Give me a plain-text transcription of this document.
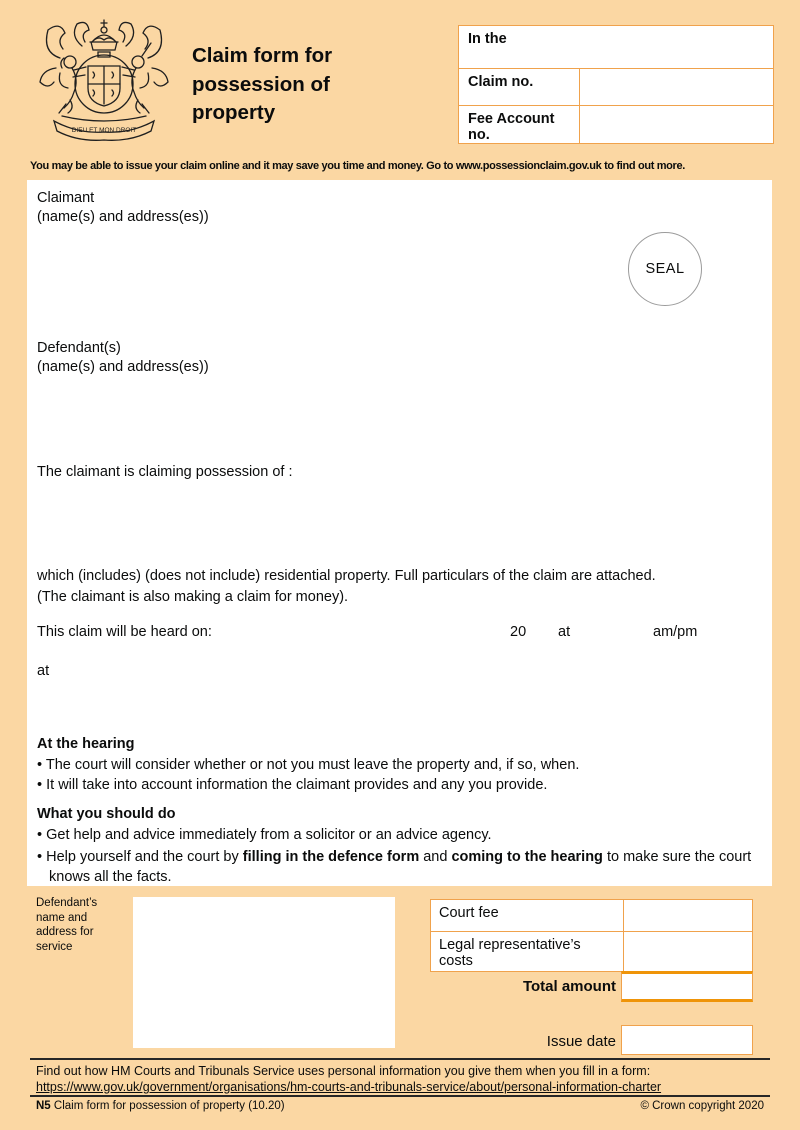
DIEU ET MON DROIT
Claim form for possession of property
In the
Claim no.
Fee Account no.
You may be able to issue your claim online and it may save you time and money. Go to www.possessionclaim.gov.uk to find out more.
Claimant
(name(s) and address(es))
SEAL
Defendant(s)
(name(s) and address(es))
The claimant is claiming possession of :
which (includes) (does not include) residential property. Full particulars of the claim are attached.
(The claimant is also making a claim for money).
This claim will be heard on:	20 at	am/pm
at
At the hearing
• The court will consider whether or not you must leave the property and, if so, when.
• It will take into account information the claimant provides and any you provide.
What you should do
• Get help and advice immediately from a solicitor or an advice agency.
• Help yourself and the court by filling in the defence form and coming to the hearing to make sure the court knows all the facts.
Defendant’s name and address for service
Court fee
Legal representative’s costs
Total amount
Issue date
Find out how HM Courts and Tribunals Service uses personal information you give them when you fill in a form:
https://www.gov.uk/government/organisations/hm-courts-and-tribunals-service/about/personal-information-charter
N5 Claim form for possession of property (10.20)	© Crown copyright 2020
